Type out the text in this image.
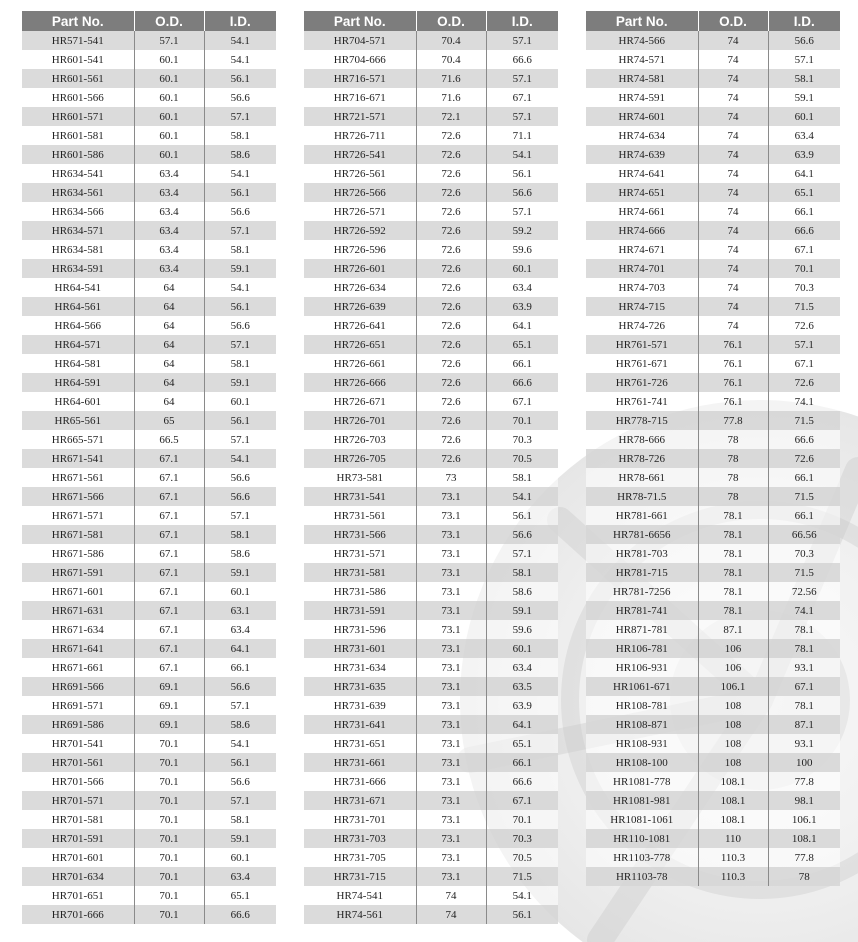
Part No.	O.D.	I.D.
HR571-541	57.1	54.1
HR601-541	60.1	54.1
HR601-561	60.1	56.1
HR601-566	60.1	56.6
HR601-571	60.1	57.1
HR601-581	60.1	58.1
HR601-586	60.1	58.6
HR634-541	63.4	54.1
HR634-561	63.4	56.1
HR634-566	63.4	56.6
HR634-571	63.4	57.1
HR634-581	63.4	58.1
HR634-591	63.4	59.1
HR64-541	64	54.1
HR64-561	64	56.1
HR64-566	64	56.6
HR64-571	64	57.1
HR64-581	64	58.1
HR64-591	64	59.1
HR64-601	64	60.1
HR65-561	65	56.1
HR665-571	66.5	57.1
HR671-541	67.1	54.1
HR671-561	67.1	56.6
HR671-566	67.1	56.6
HR671-571	67.1	57.1
HR671-581	67.1	58.1
HR671-586	67.1	58.6
HR671-591	67.1	59.1
HR671-601	67.1	60.1
HR671-631	67.1	63.1
HR671-634	67.1	63.4
HR671-641	67.1	64.1
HR671-661	67.1	66.1
HR691-566	69.1	56.6
HR691-571	69.1	57.1
HR691-586	69.1	58.6
HR701-541	70.1	54.1
HR701-561	70.1	56.1
HR701-566	70.1	56.6
HR701-571	70.1	57.1
HR701-581	70.1	58.1
HR701-591	70.1	59.1
HR701-601	70.1	60.1
HR701-634	70.1	63.4
HR701-651	70.1	65.1
HR701-666	70.1	66.6
Part No.	O.D.	I.D.
HR704-571	70.4	57.1
HR704-666	70.4	66.6
HR716-571	71.6	57.1
HR716-671	71.6	67.1
HR721-571	72.1	57.1
HR726-711	72.6	71.1
HR726-541	72.6	54.1
HR726-561	72.6	56.1
HR726-566	72.6	56.6
HR726-571	72.6	57.1
HR726-592	72.6	59.2
HR726-596	72.6	59.6
HR726-601	72.6	60.1
HR726-634	72.6	63.4
HR726-639	72.6	63.9
HR726-641	72.6	64.1
HR726-651	72.6	65.1
HR726-661	72.6	66.1
HR726-666	72.6	66.6
HR726-671	72.6	67.1
HR726-701	72.6	70.1
HR726-703	72.6	70.3
HR726-705	72.6	70.5
HR73-581	73	58.1
HR731-541	73.1	54.1
HR731-561	73.1	56.1
HR731-566	73.1	56.6
HR731-571	73.1	57.1
HR731-581	73.1	58.1
HR731-586	73.1	58.6
HR731-591	73.1	59.1
HR731-596	73.1	59.6
HR731-601	73.1	60.1
HR731-634	73.1	63.4
HR731-635	73.1	63.5
HR731-639	73.1	63.9
HR731-641	73.1	64.1
HR731-651	73.1	65.1
HR731-661	73.1	66.1
HR731-666	73.1	66.6
HR731-671	73.1	67.1
HR731-701	73.1	70.1
HR731-703	73.1	70.3
HR731-705	73.1	70.5
HR731-715	73.1	71.5
HR74-541	74	54.1
HR74-561	74	56.1
Part No.	O.D.	I.D.
HR74-566	74	56.6
HR74-571	74	57.1
HR74-581	74	58.1
HR74-591	74	59.1
HR74-601	74	60.1
HR74-634	74	63.4
HR74-639	74	63.9
HR74-641	74	64.1
HR74-651	74	65.1
HR74-661	74	66.1
HR74-666	74	66.6
HR74-671	74	67.1
HR74-701	74	70.1
HR74-703	74	70.3
HR74-715	74	71.5
HR74-726	74	72.6
HR761-571	76.1	57.1
HR761-671	76.1	67.1
HR761-726	76.1	72.6
HR761-741	76.1	74.1
HR778-715	77.8	71.5
HR78-666	78	66.6
HR78-726	78	72.6
HR78-661	78	66.1
HR78-71.5	78	71.5
HR781-661	78.1	66.1
HR781-6656	78.1	66.56
HR781-703	78.1	70.3
HR781-715	78.1	71.5
HR781-7256	78.1	72.56
HR781-741	78.1	74.1
HR871-781	87.1	78.1
HR106-781	106	78.1
HR106-931	106	93.1
HR1061-671	106.1	67.1
HR108-781	108	78.1
HR108-871	108	87.1
HR108-931	108	93.1
HR108-100	108	100
HR1081-778	108.1	77.8
HR1081-981	108.1	98.1
HR1081-1061	108.1	106.1
HR110-1081	110	108.1
HR1103-778	110.3	77.8
HR1103-78	110.3	78
